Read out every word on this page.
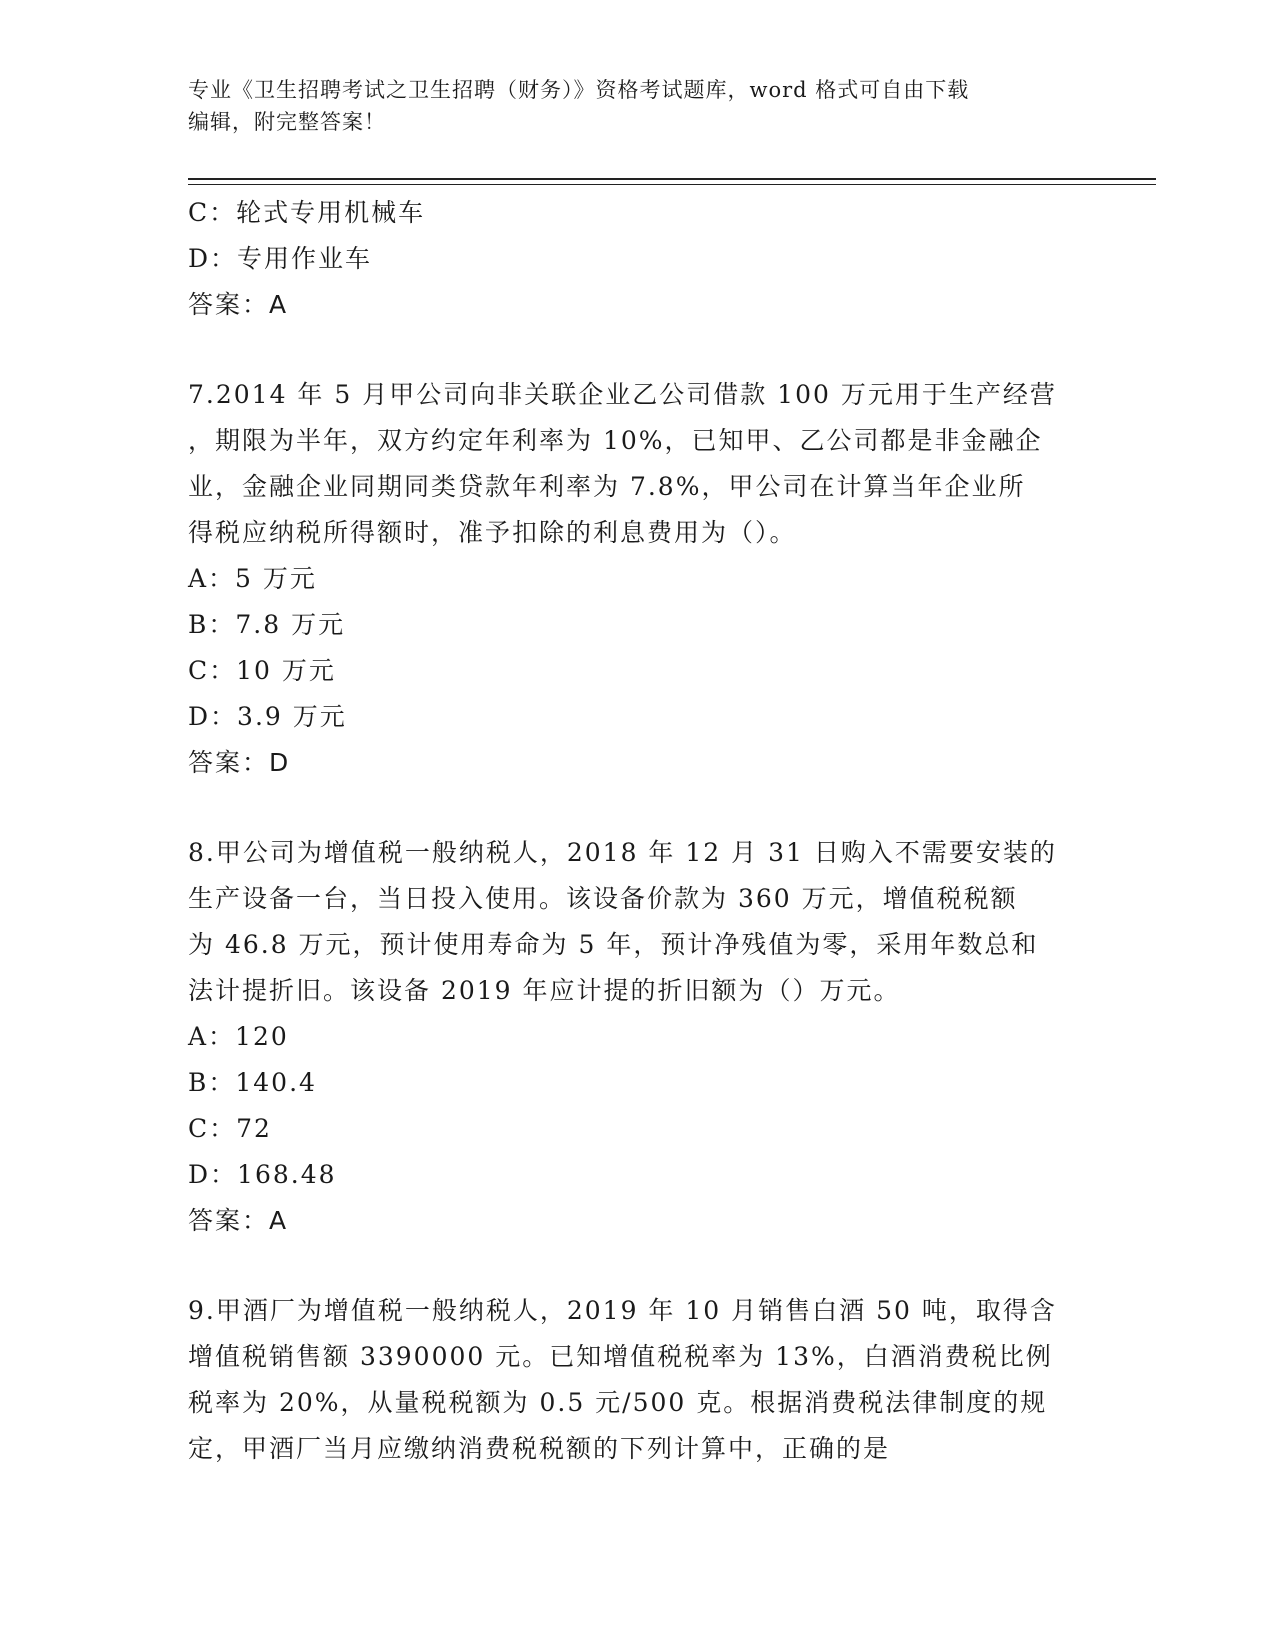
专业《卫生招聘考试之卫生招聘（财务）》资格考试题库，word 格式可自由下载
编辑，附完整答案！
C：轮式专用机械车
D：专用作业车
答案：A
7.2014 年 5 月甲公司向非关联企业乙公司借款 100 万元用于生产经营
，期限为半年，双方约定年利率为 10%，已知甲、乙公司都是非金融企
业，金融企业同期同类贷款年利率为 7.8%，甲公司在计算当年企业所
得税应纳税所得额时，准予扣除的利息费用为（）。
A：5 万元
B：7.8 万元
C：10 万元
D：3.9 万元
答案：D
8.甲公司为增值税一般纳税人，2018 年 12 月 31 日购入不需要安装的
生产设备一台，当日投入使用。该设备价款为 360 万元，增值税税额
为 46.8 万元，预计使用寿命为 5 年，预计净残值为零，采用年数总和
法计提折旧。该设备 2019 年应计提的折旧额为（）万元。
A：120
B：140.4
C：72
D：168.48
答案：A
9.甲酒厂为增值税一般纳税人，2019 年 10 月销售白酒 50 吨，取得含
增值税销售额 3390000 元。已知增值税税率为 13%，白酒消费税比例
税率为 20%，从量税税额为 0.5 元/500 克。根据消费税法律制度的规
定，甲酒厂当月应缴纳消费税税额的下列计算中，正确的是
